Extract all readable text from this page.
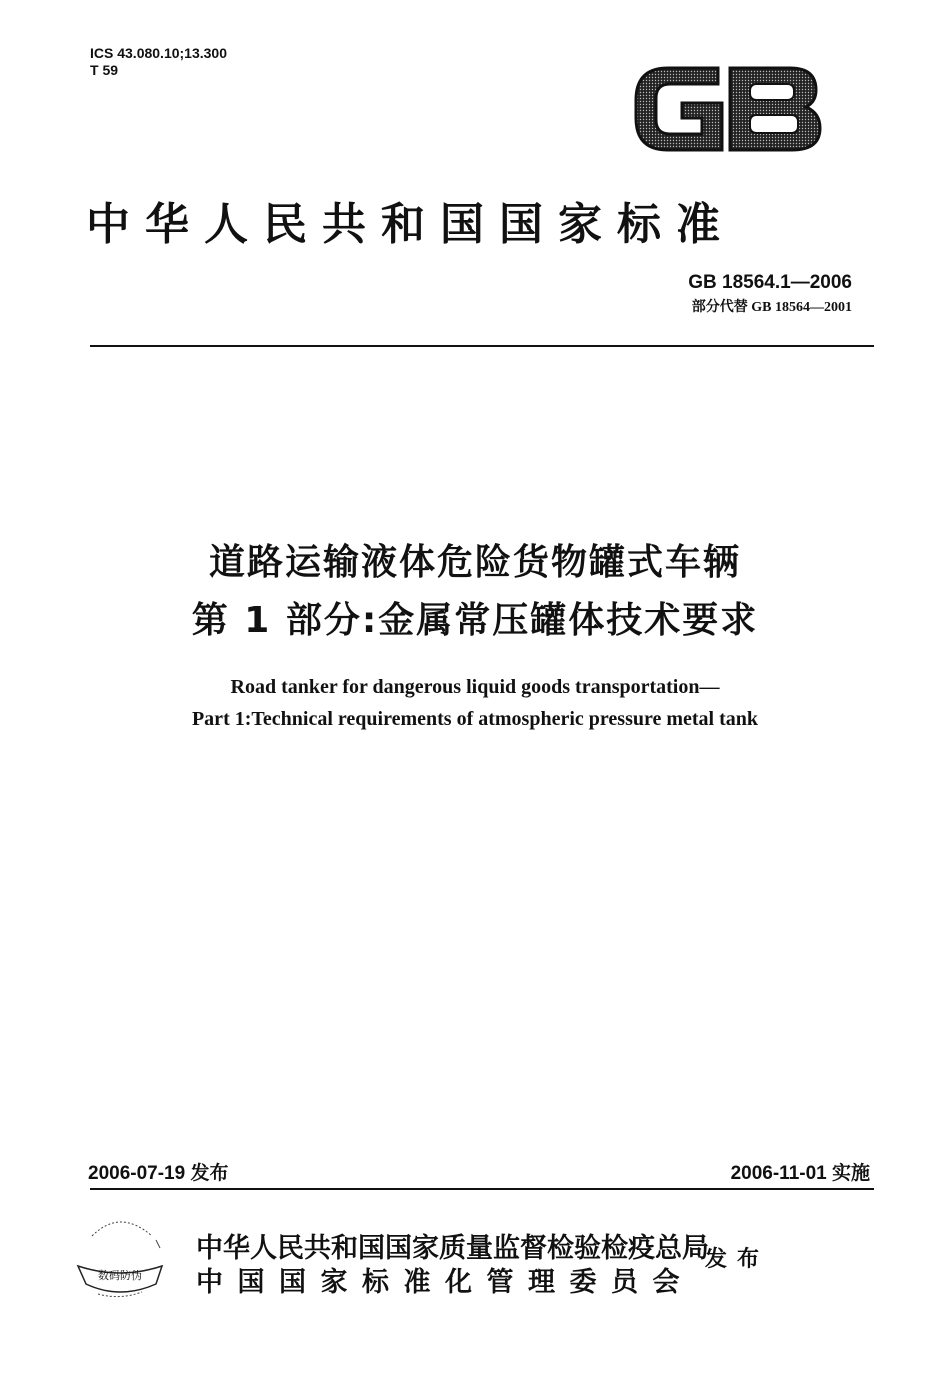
ICS 43.080.10;13.300
T 59
GB
中华人民共和国国家标准
GB 18564.1—2006
部分代替 GB 18564—2001
道路运输液体危险货物罐式车辆
第 1 部分:金属常压罐体技术要求
Road tanker for dangerous liquid goods transportation—
Part 1:Technical requirements of atmospheric pressure metal tank
2006-07-19 发布	2006-11-01 实施
数码防伪
中华人民共和国国家质量监督检验检疫总局
中国国家标准化管理委员会
发布
